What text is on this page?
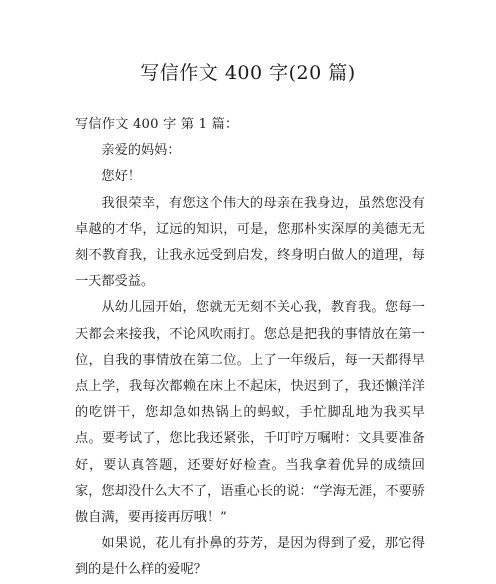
写信作文 400 字(20 篇)

写信作文 400 字 第 1 篇：

亲爱的妈妈：

您好！

我很荣幸，有您这个伟大的母亲在我身边，虽然您没有卓越的才华，辽远的知识，可是，您那朴实深厚的美德无无刻不教育我，让我永远受到启发，终身明白做人的道理，每一天都受益。

从幼儿园开始，您就无无刻不关心我，教育我。您每一天都会来接我，不论风吹雨打。您总是把我的事情放在第一位，自我的事情放在第二位。上了一年级后，每一天都得早点上学，我每次都赖在床上不起床，快迟到了，我还懒洋洋的吃饼干，您却急如热锅上的蚂蚁，手忙脚乱地为我买早点。要考试了，您比我还紧张，千叮咛万嘱咐：文具要准备好，要认真答题，还要好好检查。当我拿着优异的成绩回家，您却没什么大不了，语重心长的说：“学海无涯，不要骄傲自满，要再接再厉哦！”

如果说，花儿有扑鼻的芬芳，是因为得到了爱，那它得到的是什么样的爱呢？
